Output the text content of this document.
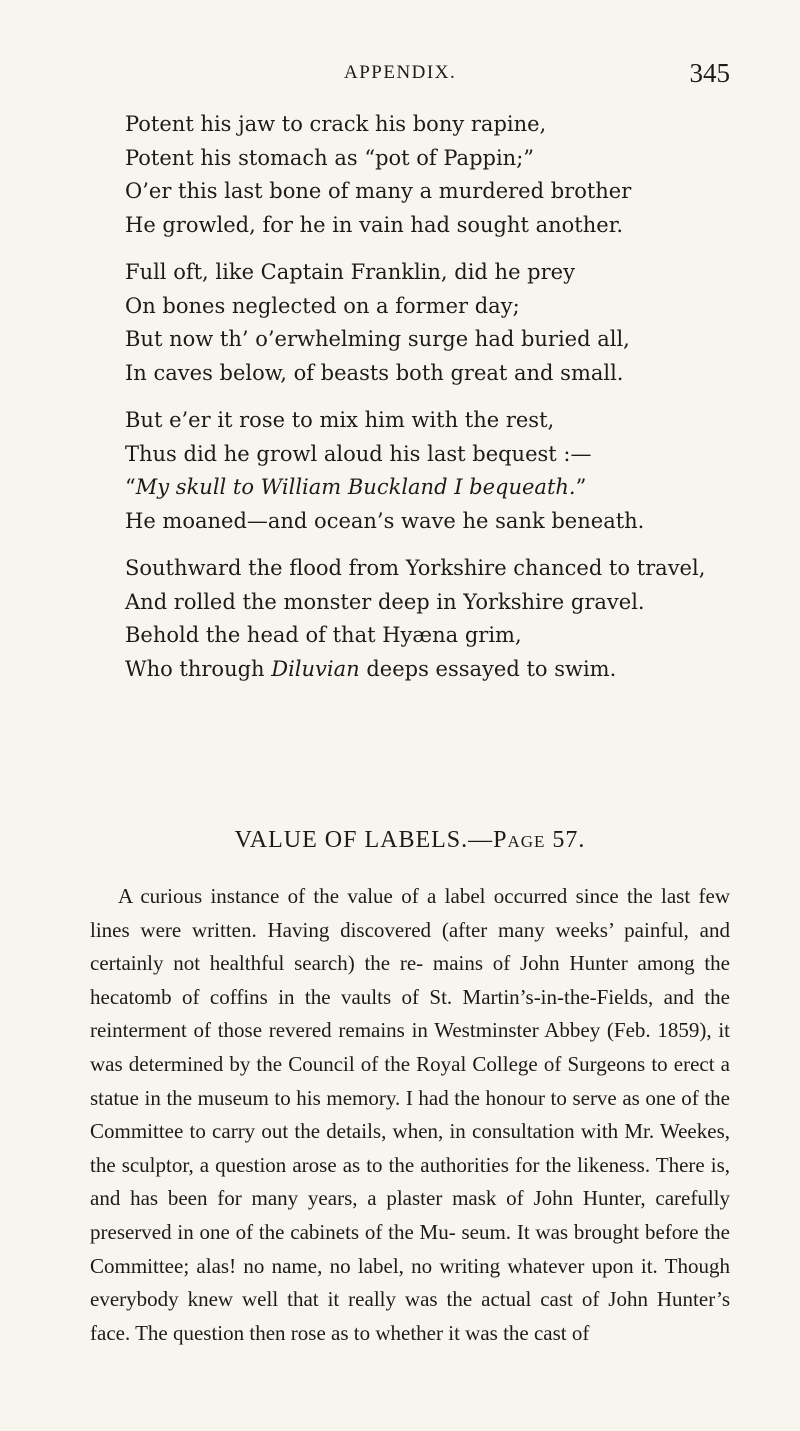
APPENDIX.	345
Potent his jaw to crack his bony rapine,
Potent his stomach as “pot of Pappin;”
O’er this last bone of many a murdered brother
He growled, for he in vain had sought another.
Full oft, like Captain Franklin, did he prey
On bones neglected on a former day;
But now th’ o’erwhelming surge had buried all,
In caves below, of beasts both great and small.
But e’er it rose to mix him with the rest,
Thus did he growl aloud his last bequest :—
“My skull to William Buckland I bequeath.”
He moaned—and ocean’s wave he sank beneath.
Southward the flood from Yorkshire chanced to travel,
And rolled the monster deep in Yorkshire gravel.
Behold the head of that Hyæna grim,
Who through Diluvian deeps essayed to swim.
VALUE OF LABELS.—Page 57.

A curious instance of the value of a label occurred since the last few lines were written. Having discovered (after many weeks’ painful, and certainly not healthful search) the re- mains of John Hunter among the hecatomb of coffins in the vaults of St. Martin’s-in-the-Fields, and the reinterment of those revered remains in Westminster Abbey (Feb. 1859), it was determined by the Council of the Royal College of Surgeons to erect a statue in the museum to his memory. I had the honour to serve as one of the Committee to carry out the details, when, in consultation with Mr. Weekes, the sculptor, a question arose as to the authorities for the likeness. There is, and has been for many years, a plaster mask of John Hunter, carefully preserved in one of the cabinets of the Mu- seum. It was brought before the Committee; alas! no name, no label, no writing whatever upon it. Though everybody knew well that it really was the actual cast of John Hunter’s face. The question then rose as to whether it was the cast of
